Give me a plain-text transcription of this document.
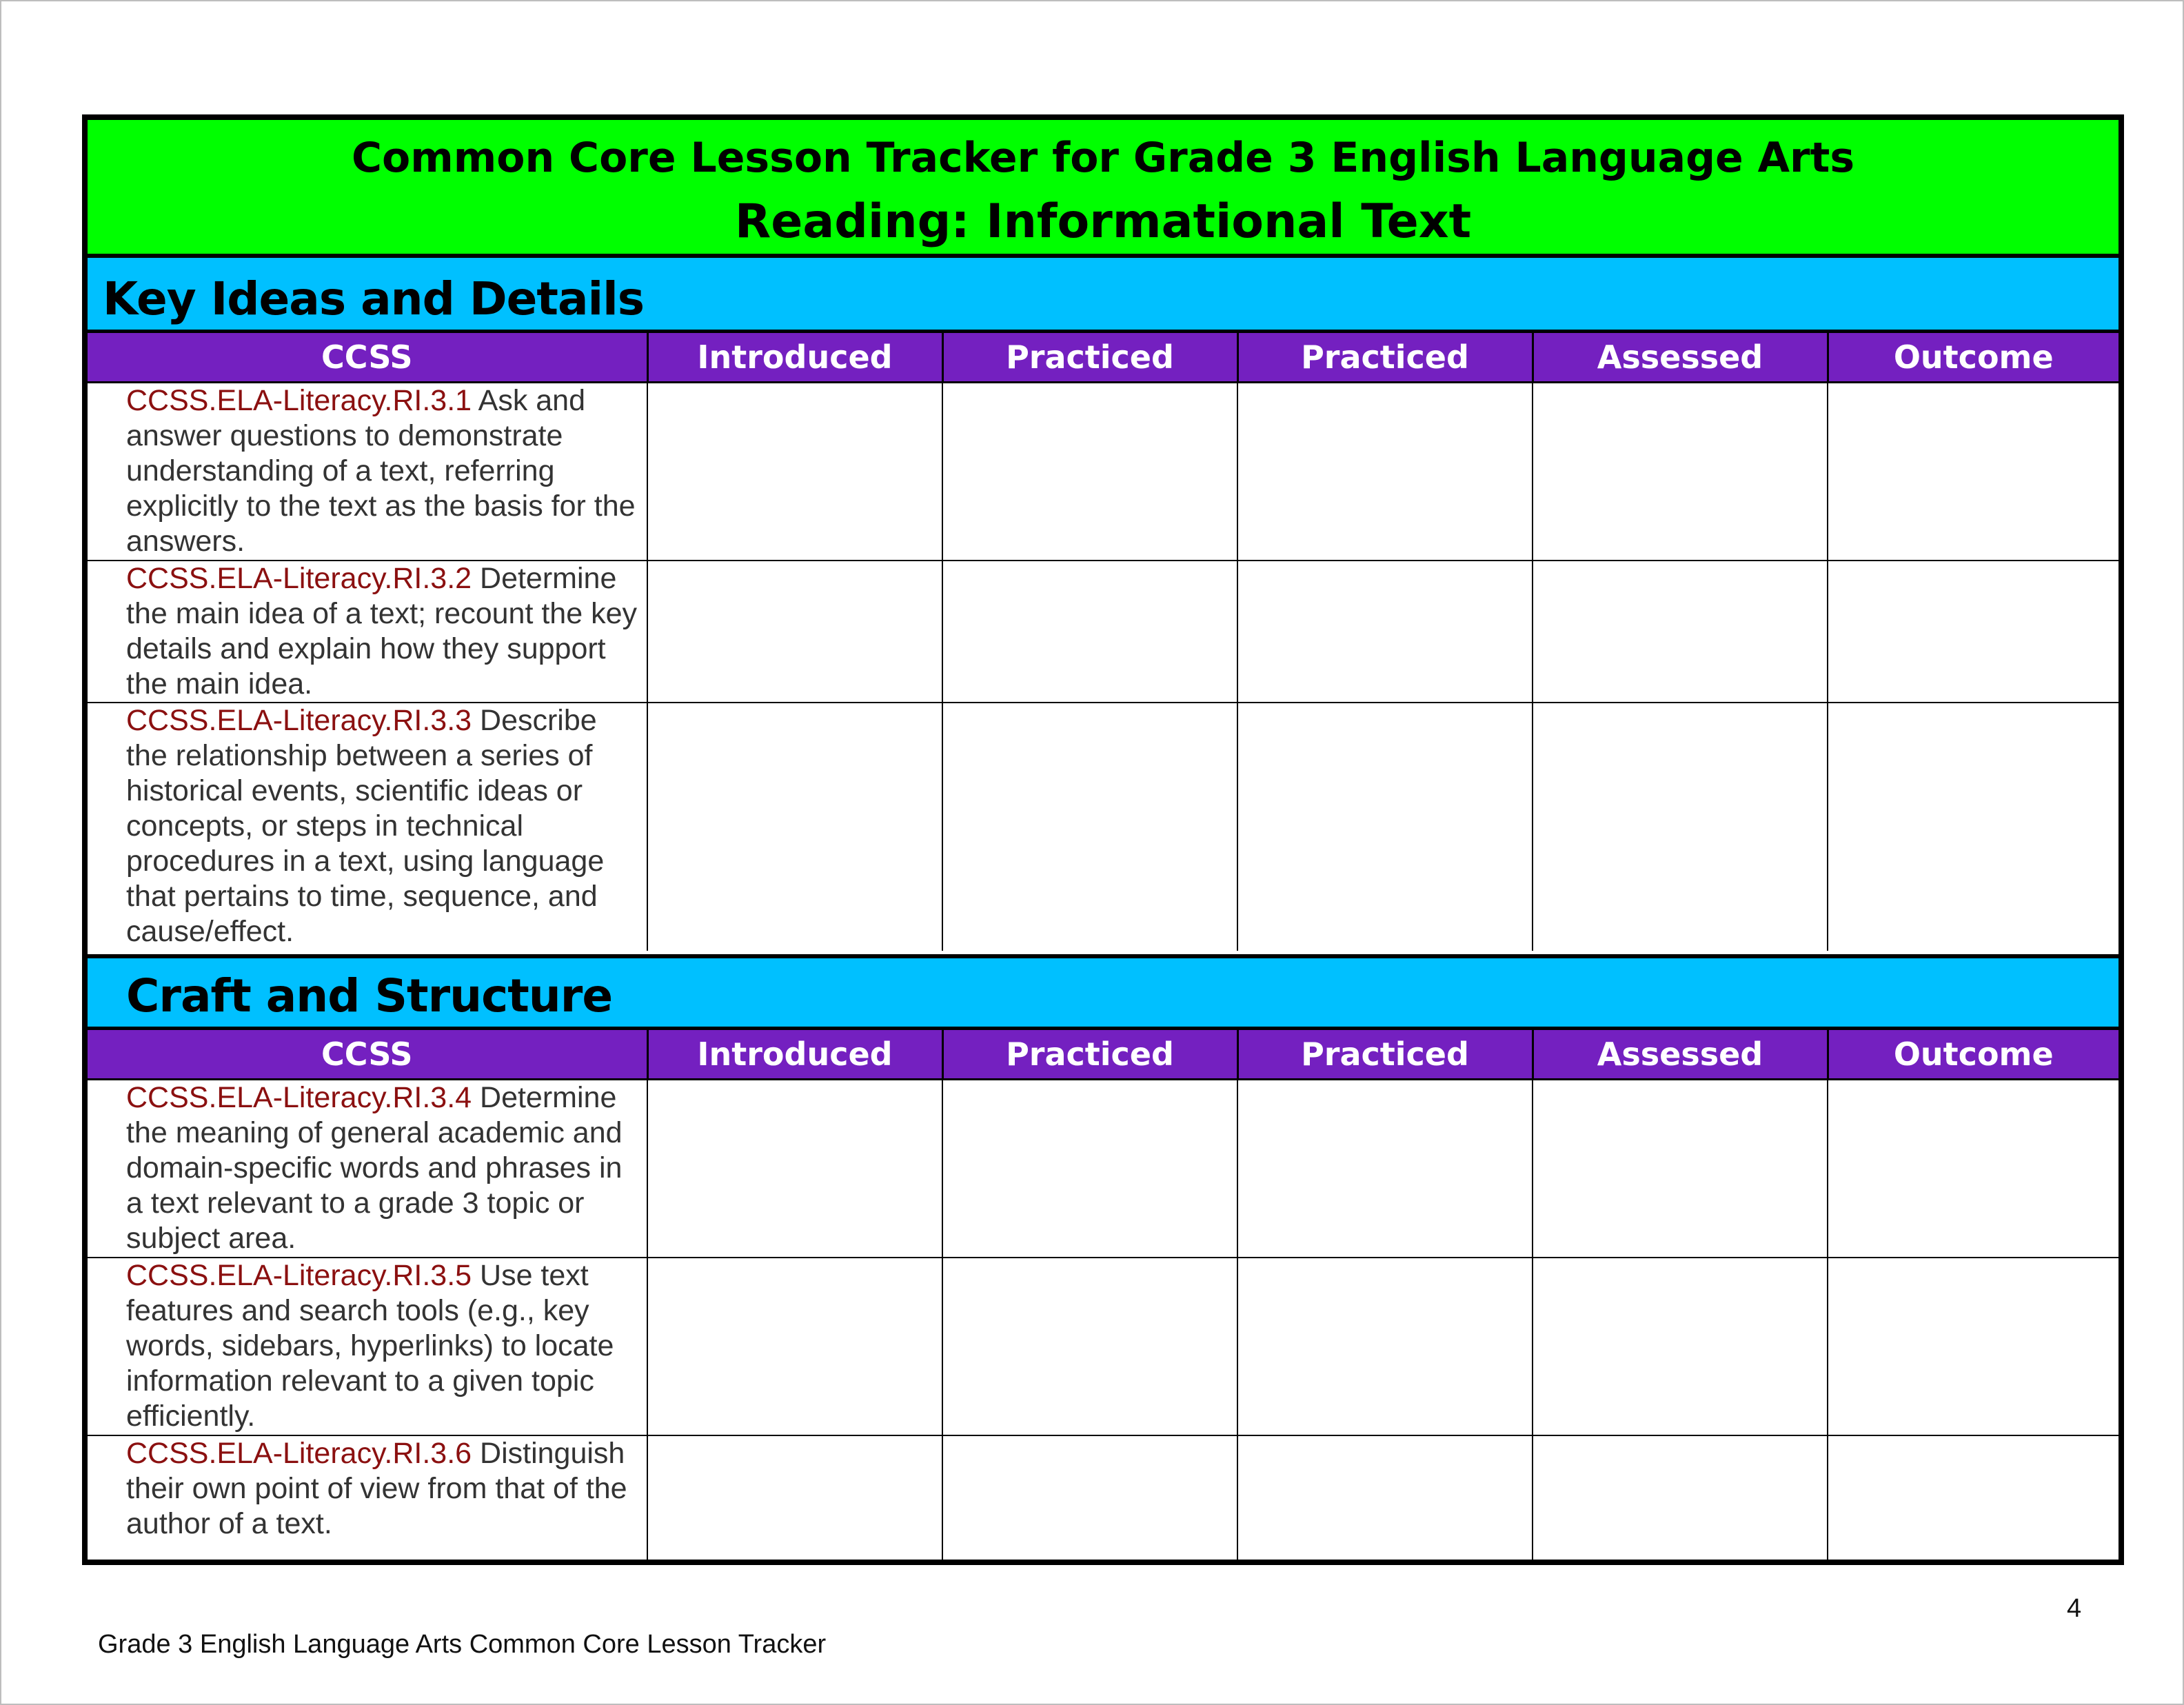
Common Core Lesson Tracker for Grade 3 English Language Arts
Reading: Informational Text
Key Ideas and Details
CCSS	Introduced	Practiced	Practiced	Assessed	Outcome
CCSS.ELA-Literacy.RI.3.1 Ask and answer questions to demonstrate understanding of a text, referring explicitly to the text as the basis for the answers.					
CCSS.ELA-Literacy.RI.3.2 Determine the main idea of a text; recount the key details and explain how they support the main idea.					
CCSS.ELA-Literacy.RI.3.3 Describe the relationship between a series of historical events, scientific ideas or concepts, or steps in technical procedures in a text, using language that pertains to time, sequence, and cause/effect.					
Craft and Structure
CCSS	Introduced	Practiced	Practiced	Assessed	Outcome
CCSS.ELA-Literacy.RI.3.4 Determine the meaning of general academic and domain-specific words and phrases in a text relevant to a grade 3 topic or subject area.					
CCSS.ELA-Literacy.RI.3.5 Use text features and search tools (e.g., key words, sidebars, hyperlinks) to locate information relevant to a given topic efficiently.					
CCSS.ELA-Literacy.RI.3.6 Distinguish their own point of view from that of the author of a text.					
4
Grade 3 English Language Arts Common Core Lesson Tracker
